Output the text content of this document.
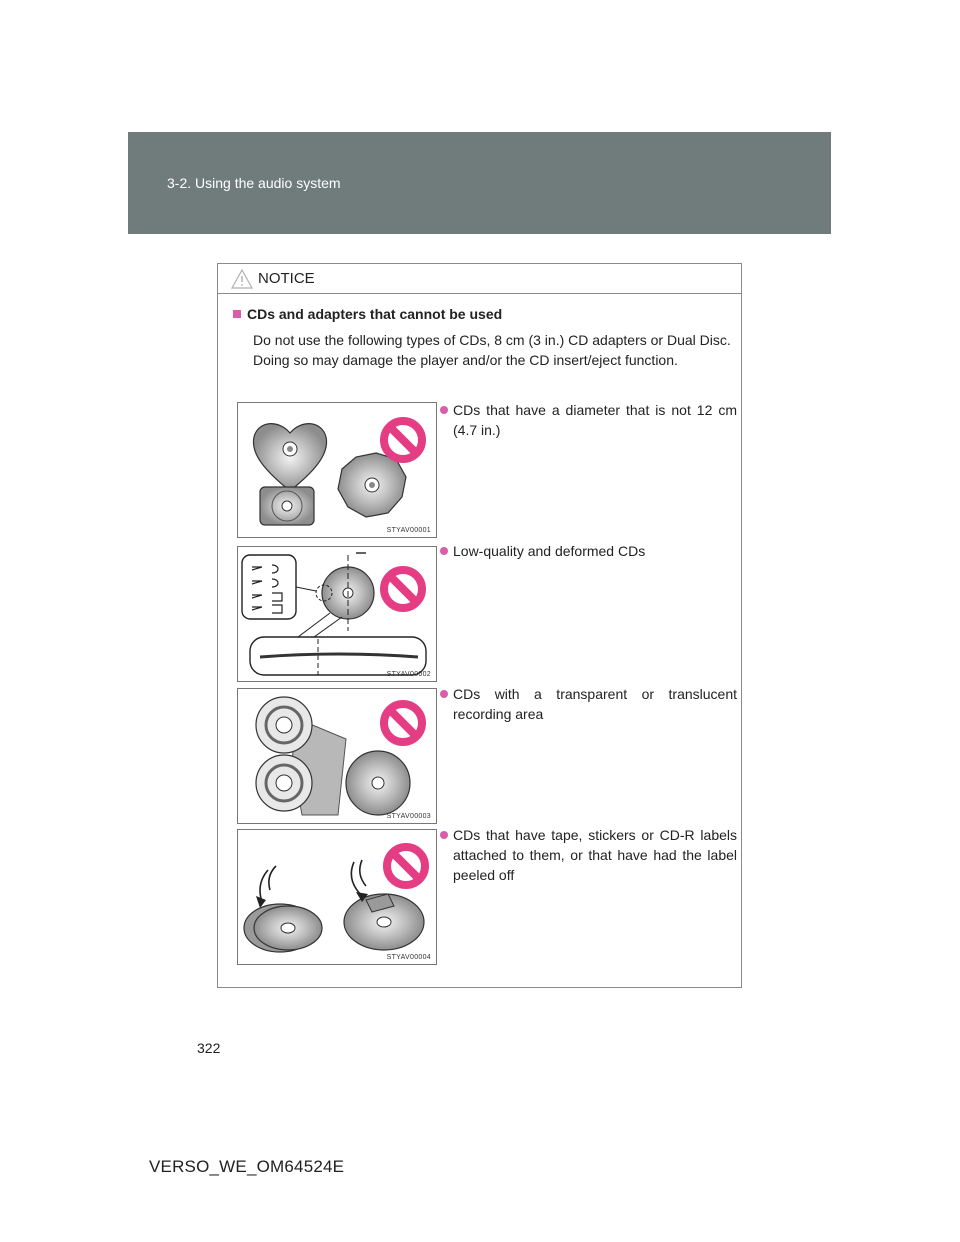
3-2. Using the audio system
NOTICE
CDs and adapters that cannot be used

Do not use the following types of CDs, 8 cm (3 in.) CD adapters or Dual Disc.

Doing so may damage the player and/or the CD insert/eject function.

STYAV00001
CDs that have a diameter that is not 12 cm (4.7 in.)
STYAV00002
Low-quality and deformed CDs
STYAV00003
CDs with a transparent or translucent recording area
STYAV00004
CDs that have tape, stickers or CD-R labels attached to them, or that have had the label peeled off
322
VERSO_WE_OM64524E
